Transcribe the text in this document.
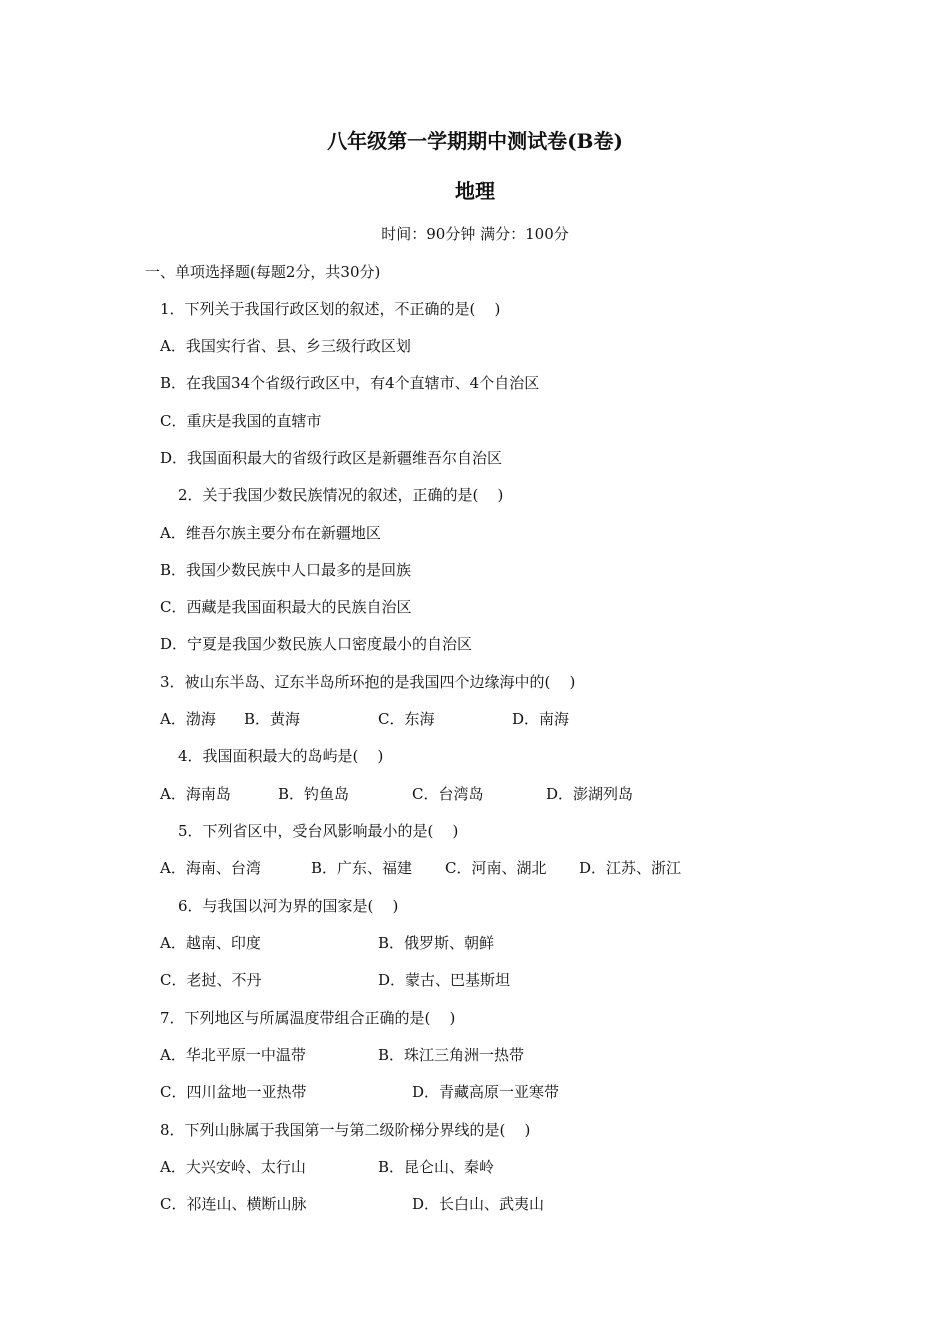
八年级第一学期期中测试卷(B卷)
地理
时间：90分钟 满分：100分
一、单项选择题(每题2分，共30分)
1．下列关于我国行政区划的叙述，不正确的是(    )
A．我国实行省、县、乡三级行政区划
B．在我国34个省级行政区中，有4个直辖市、4个自治区
C．重庆是我国的直辖市
D．我国面积最大的省级行政区是新疆维吾尔自治区
2．关于我国少数民族情况的叙述，正确的是(    )
A．维吾尔族主要分布在新疆地区
B．我国少数民族中人口最多的是回族
C．西藏是我国面积最大的民族自治区
D．宁夏是我国少数民族人口密度最小的自治区
3．被山东半岛、辽东半岛所环抱的是我国四个边缘海中的(    )
A．渤海 B．黄海	C．东海	D．南海
4．我国面积最大的岛屿是(    )
A．海南岛	B．钓鱼岛	C．台湾岛	D．澎湖列岛
5．下列省区中，受台风影响最小的是(    )
A．海南、台湾	B．广东、福建 C．河南、湖北 D．江苏、浙江
6．与我国以河为界的国家是(    )
A．越南、印度	B．俄罗斯、朝鲜
C．老挝、不丹	D．蒙古、巴基斯坦
7．下列地区与所属温度带组合正确的是(    )
A．华北平原一中温带	B．珠江三角洲一热带
C．四川盆地一亚热带	D．青藏高原一亚寒带
8．下列山脉属于我国第一与第二级阶梯分界线的是(    )
A．大兴安岭、太行山	B．昆仑山、秦岭
C．祁连山、横断山脉	D．长白山、武夷山
